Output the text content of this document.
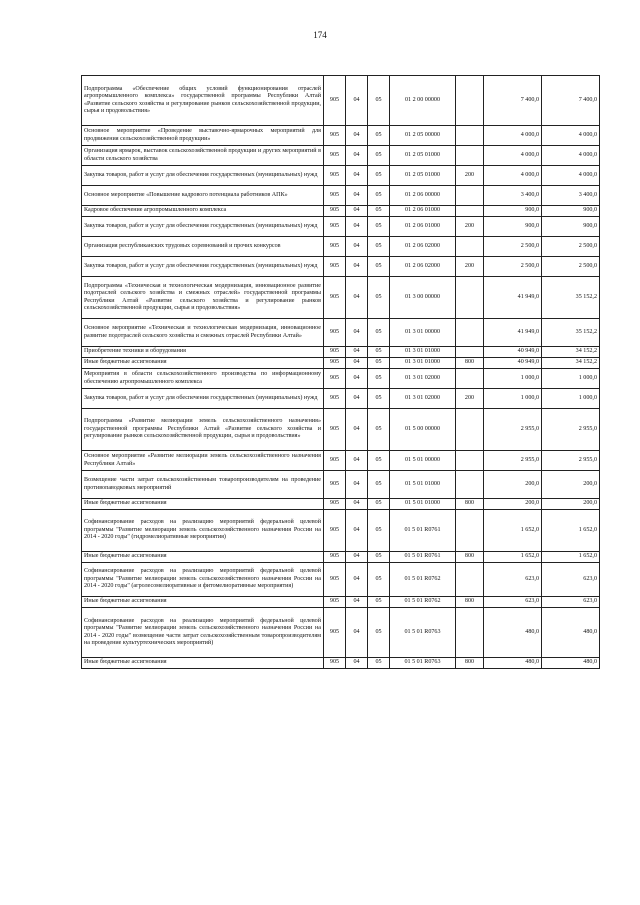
174
Подпрограмма «Обеспечение общих условий функционирования отраслей агропромышленного комплекса» государственной программы Республики Алтай «Развитие сельского хозяйства и регулирование рынков сельскохозяйственной продукции, сырья и продовольствия»	905	04	05	01 2 00 00000		7 400,0	7 400,0
Основное мероприятие «Проведение выставочно-ярмарочных мероприятий для продвижения сельскохозяйственной продукции»	905	04	05	01 2 05 00000		4 000,0	4 000,0
Организация ярмарок, выставок сельскохозяйственной продукции и других мероприятий в области сельского хозяйства	905	04	05	01 2 05 01000		4 000,0	4 000,0
Закупка товаров, работ и услуг для обеспечения государственных (муниципальных) нужд	905	04	05	01 2 05 01000	200	4 000,0	4 000,0
Основное мероприятие «Повышение кадрового потенциала работников АПК»	905	04	05	01 2 06 00000		3 400,0	3 400,0
Кадровое обеспечение агропромышленного комплекса	905	04	05	01 2 06 01000		900,0	900,0
Закупка товаров, работ и услуг для обеспечения государственных (муниципальных) нужд	905	04	05	01 2 06 01000	200	900,0	900,0
Организация республиканских трудовых соревнований и прочих конкурсов	905	04	05	01 2 06 02000		2 500,0	2 500,0
Закупка товаров, работ и услуг для обеспечения государственных (муниципальных) нужд	905	04	05	01 2 06 02000	200	2 500,0	2 500,0
Подпрограмма «Техническая и технологическая модернизация, инновационное развитие подотраслей сельского хозяйства и смежных отраслей» государственной программы Республики Алтай «Развитие сельского хозяйства и регулирование рынков сельскохозяйственной продукции, сырья и продовольствия»	905	04	05	01 3 00 00000		41 949,0	35 152,2
Основное мероприятие «Техническая и технологическая модернизация, инновационное развитие подотраслей сельского хозяйства и смежных отраслей Республики Алтай»	905	04	05	01 3 01 00000		41 949,0	35 152,2
Приобретение техники и оборудования	905	04	05	01 3 01 01000		40 949,0	34 152,2
Иные бюджетные ассигнования	905	04	05	01 3 01 01000	800	40 949,0	34 152,2
Мероприятия в области сельскохозяйственного производства по информационному обеспечению агропромышленного комплекса	905	04	05	01 3 01 02000		1 000,0	1 000,0
Закупка товаров, работ и услуг для обеспечения государственных (муниципальных) нужд	905	04	05	01 3 01 02000	200	1 000,0	1 000,0
Подпрограмма «Развитие мелиорации земель сельскохозяйственного назначения» государственной программы Республики Алтай «Развитие сельского хозяйства и регулирование рынков сельскохозяйственной продукции, сырья и продовольствия»	905	04	05	01 5 00 00000		2 955,0	2 955,0
Основное мероприятие «Развитие мелиорации земель сельскохозяйственного назначения Республики Алтай»	905	04	05	01 5 01 00000		2 955,0	2 955,0
Возмещение части затрат сельскохозяйственным товаропроизводителям на проведение противопаводковых мероприятий	905	04	05	01 5 01 01000		200,0	200,0
Иные бюджетные ассигнования	905	04	05	01 5 01 01000	800	200,0	200,0
Софинансирование расходов на реализацию мероприятий федеральной целевой программы "Развитие мелиорации земель сельскохозяйственного назначения России на 2014 - 2020 годы" (гидромелиоративные мероприятия)	905	04	05	01 5 01 R0761		1 652,0	1 652,0
Иные бюджетные ассигнования	905	04	05	01 5 01 R0761	800	1 652,0	1 652,0
Софинансирование расходов на реализацию мероприятий федеральной целевой программы "Развитие мелиорации земель сельскохозяйственного назначения России на 2014 - 2020 годы" (агролесомелиоративные и фитомелиоративные мероприятия)	905	04	05	01 5 01 R0762		623,0	623,0
Иные бюджетные ассигнования	905	04	05	01 5 01 R0762	800	623,0	623,0
Софинансирование расходов на реализацию мероприятий федеральной целевой программы "Развитие мелиорации земель сельскохозяйственного назначения России на 2014 - 2020 годы" возмещение части затрат сельскохозяйственным товаропроизводителям на проведение культуртехнических мероприятий)	905	04	05	01 5 01 R0763		480,0	480,0
Иные бюджетные ассигнования	905	04	05	01 5 01 R0763	800	480,0	480,0
